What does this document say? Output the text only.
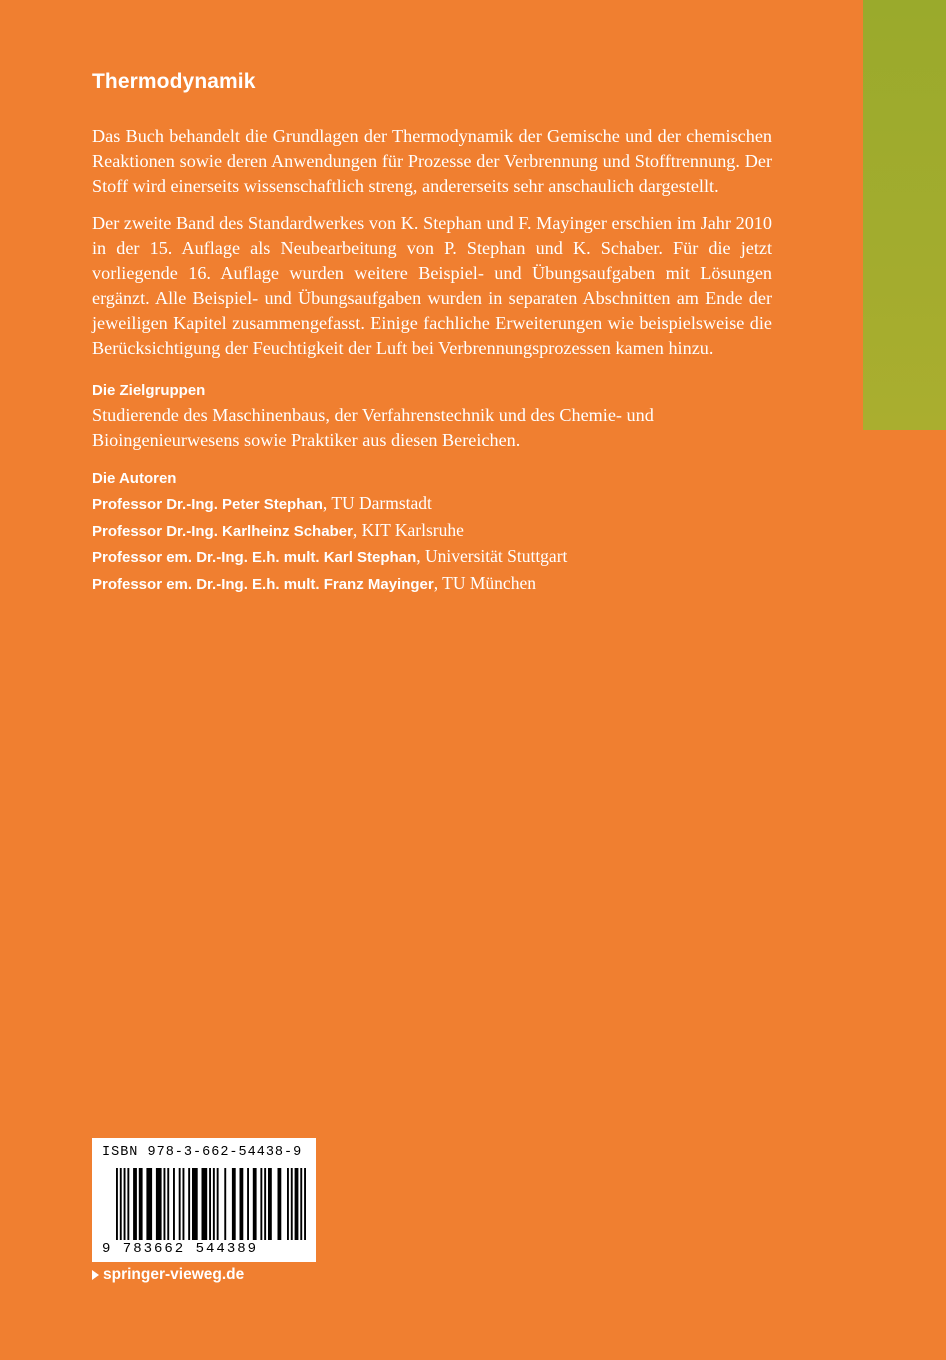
Thermodynamik

Das Buch behandelt die Grundlagen der Thermodynamik der Gemische und der chemischen Reaktionen sowie deren Anwendungen für Prozesse der Verbrennung und Stofftrennung. Der Stoff wird einerseits wissenschaftlich streng, andererseits sehr anschaulich dargestellt.

Der zweite Band des Standardwerkes von K. Stephan und F. Mayinger erschien im Jahr 2010 in der 15. Auflage als Neubearbeitung von P. Stephan und K. Schaber. Für die jetzt vorliegende 16. Auflage wurden weitere Beispiel- und Übungsaufgaben mit Lösungen ergänzt. Alle Beispiel- und Übungsaufgaben wurden in separaten Abschnitten am Ende der jeweiligen Kapitel zusammengefasst. Einige fachliche Erweiterungen wie beispielsweise die Berücksichtigung der Feuchtigkeit der Luft bei Verbrennungsprozessen kamen hinzu.

Die Zielgruppen

Studierende des Maschinenbaus, der Verfahrenstechnik und des Chemie- und Bioingenieurwesens sowie Praktiker aus diesen Bereichen.

Die Autoren

Professor Dr.-Ing. Peter Stephan, TU Darmstadt

Professor Dr.-Ing. Karlheinz Schaber, KIT Karlsruhe

Professor em. Dr.-Ing. E.h. mult. Karl Stephan, Universität Stuttgart

Professor em. Dr.-Ing. E.h. mult. Franz Mayinger, TU München

ISBN 978-3-662-54438-9
9 783662 544389
springer-vieweg.de
